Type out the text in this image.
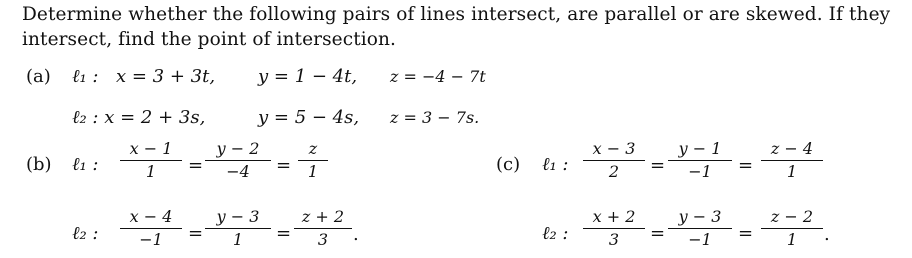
Determine whether the following pairs of lines intersect, are parallel or are skewed. If they intersect, find the point of intersection.
(a) ℓ₁ : x = 3 + 3t, y = 1 − 4t, z = −4 − 7t
ℓ₂ : x = 2 + 3s,	y = 5 − 4s, z = 3 − 7s.
(b) ℓ₁ : $\frac{x - 1}{1} = \frac{y - 2}{-4} = \frac{z}{1}$
ℓ₂ : $\frac{x - 4}{-1} = \frac{y - 3}{1} = \frac{z + 2}{3}$ .
(c) ℓ₁ : $\frac{x - 3}{2} = \frac{y - 1}{-1} = \frac{z - 4}{1}$
ℓ₂ : $\frac{x + 2}{3} = \frac{y - 3}{-1} = \frac{z - 2}{1}$ .
